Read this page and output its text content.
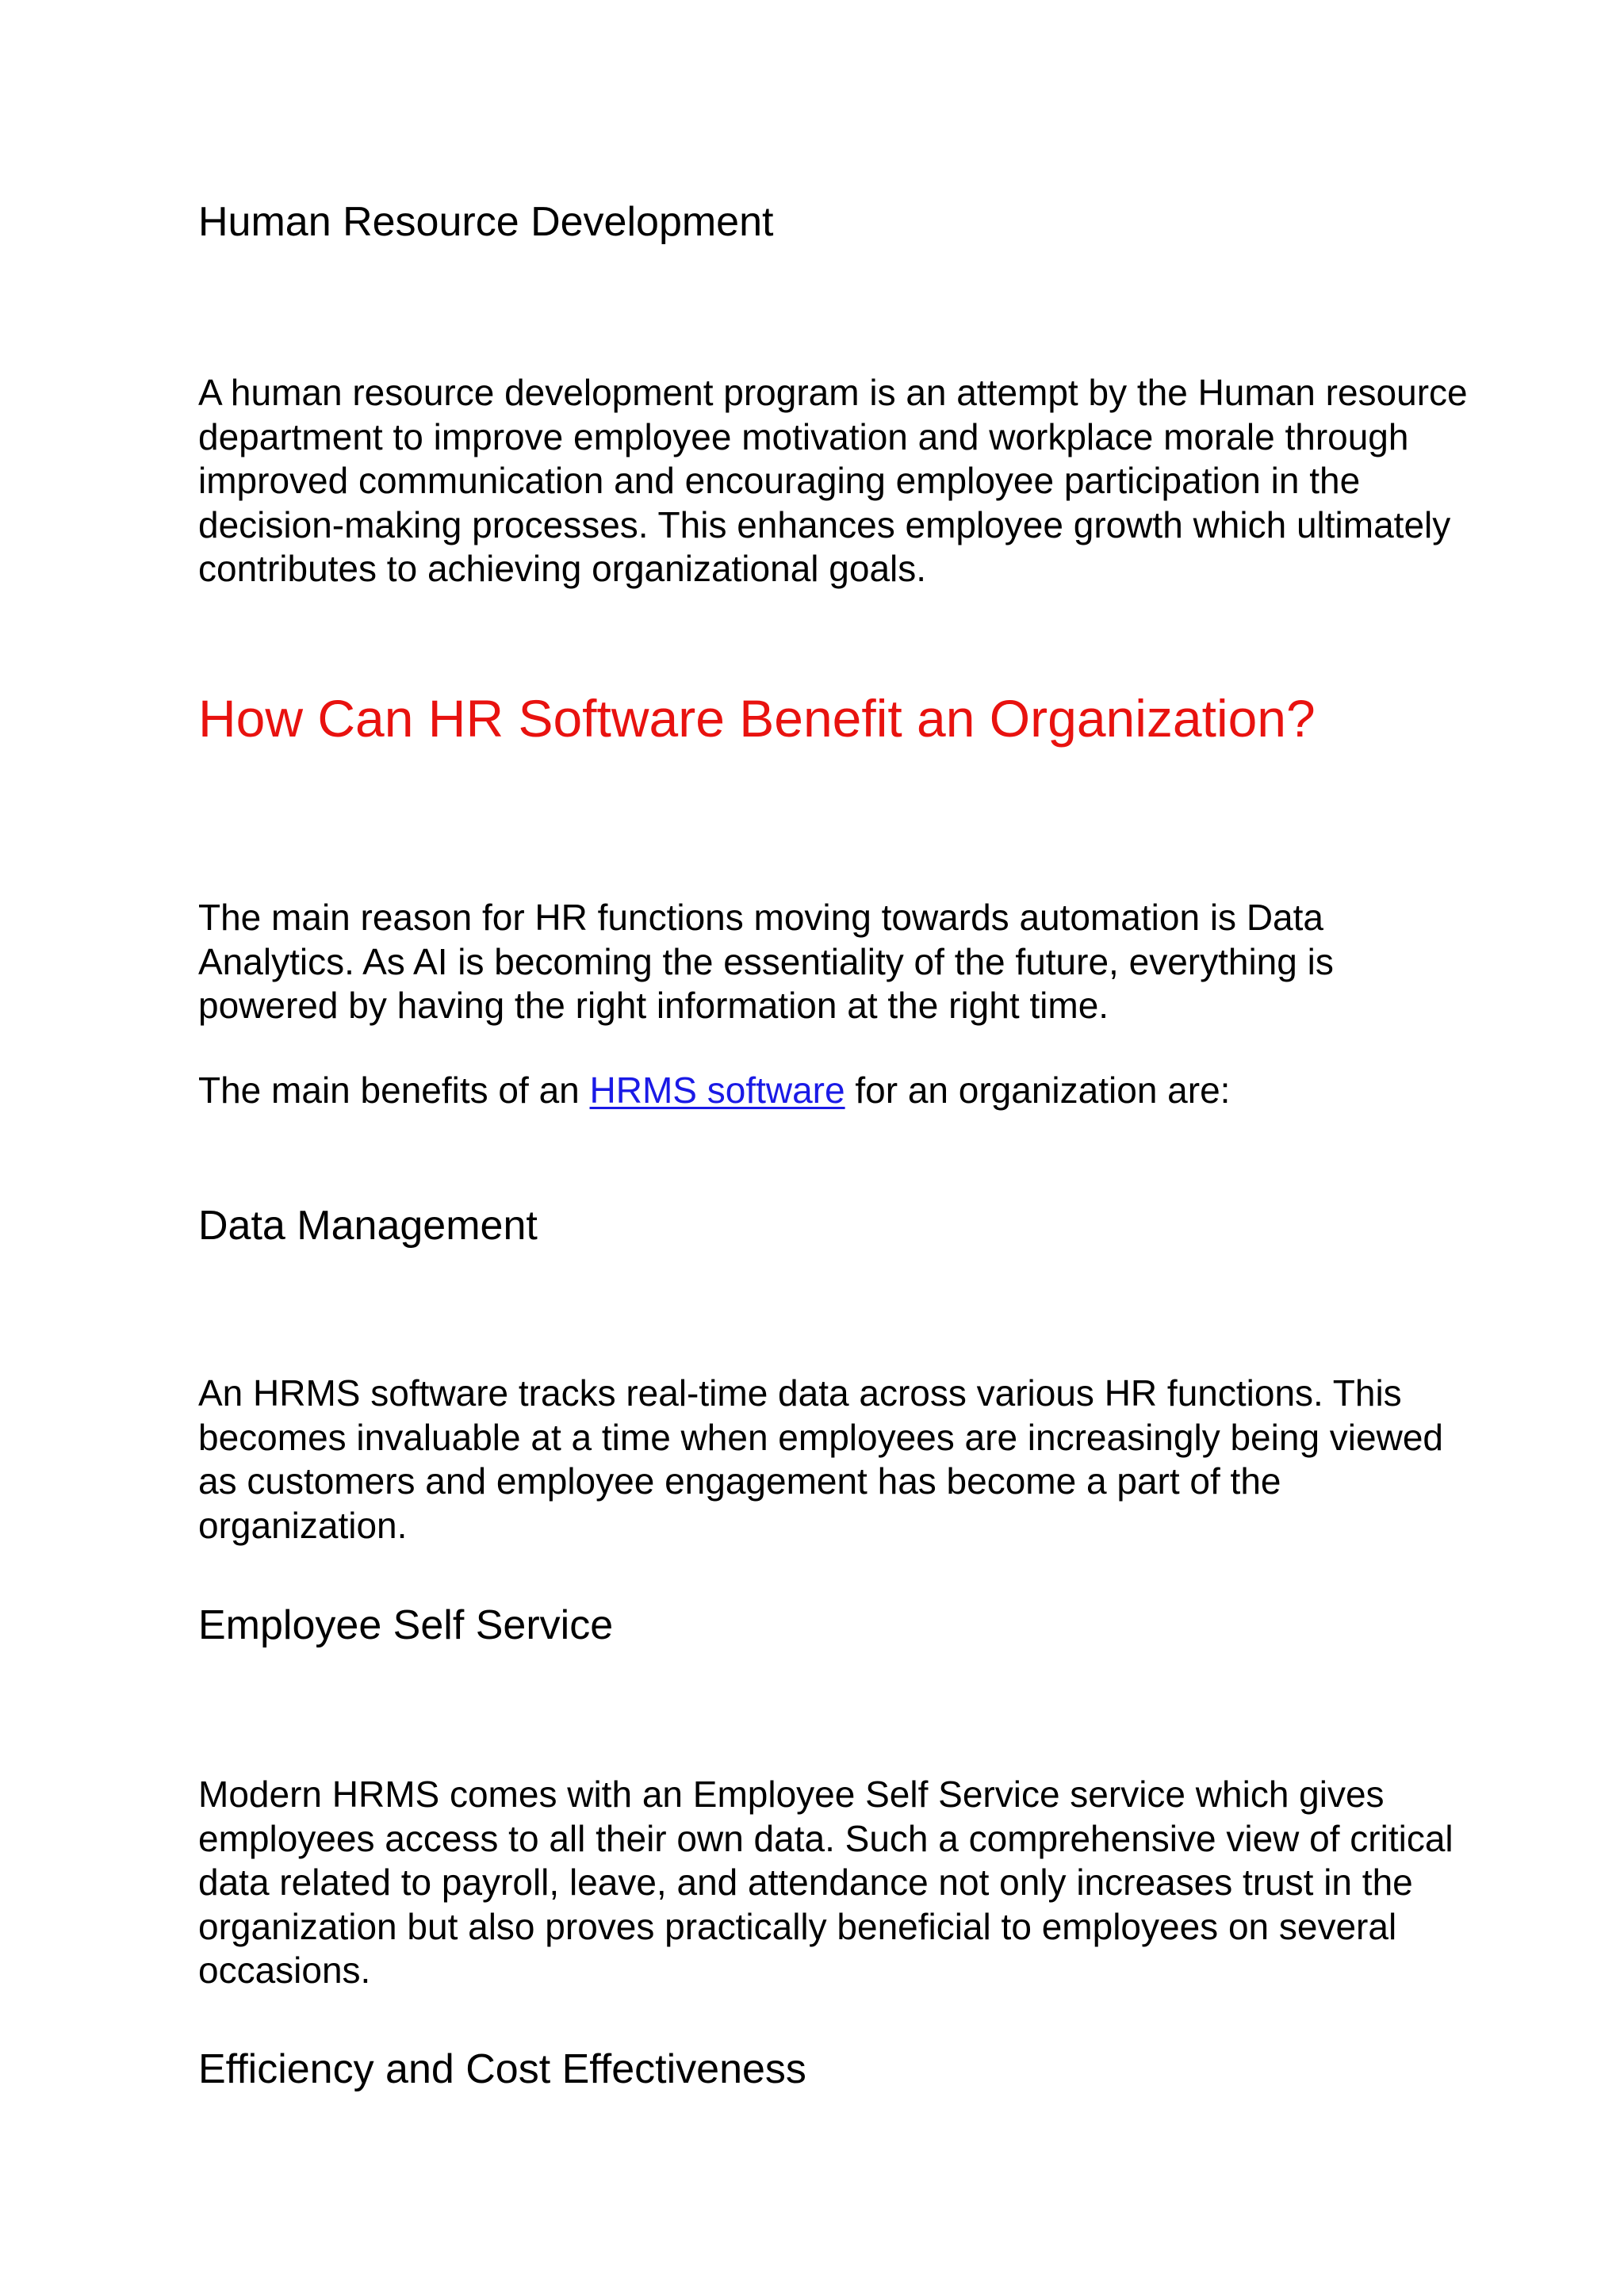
Human Resource Development

A human resource development program is an attempt by the Human resource department to improve employee motivation and workplace morale through improved communication and encouraging employee participation in the decision-making processes. This enhances employee growth which ultimately contributes to achieving organizational goals.

How Can HR Software Benefit an Organization?

The main reason for HR functions moving towards automation is Data Analytics. As AI is becoming the essentiality of the future, everything is powered by having the right information at the right time.

The main benefits of an HRMS software for an organization are:

Data Management

An HRMS software tracks real-time data across various HR functions. This becomes invaluable at a time when employees are increasingly being viewed as customers and employee engagement has become a part of the organization.

Employee Self Service

Modern HRMS comes with an Employee Self Service service which gives employees access to all their own data. Such a comprehensive view of critical data related to payroll, leave, and attendance not only increases trust in the organization but also proves practically beneficial to employees on several occasions.

Efficiency and Cost Effectiveness
